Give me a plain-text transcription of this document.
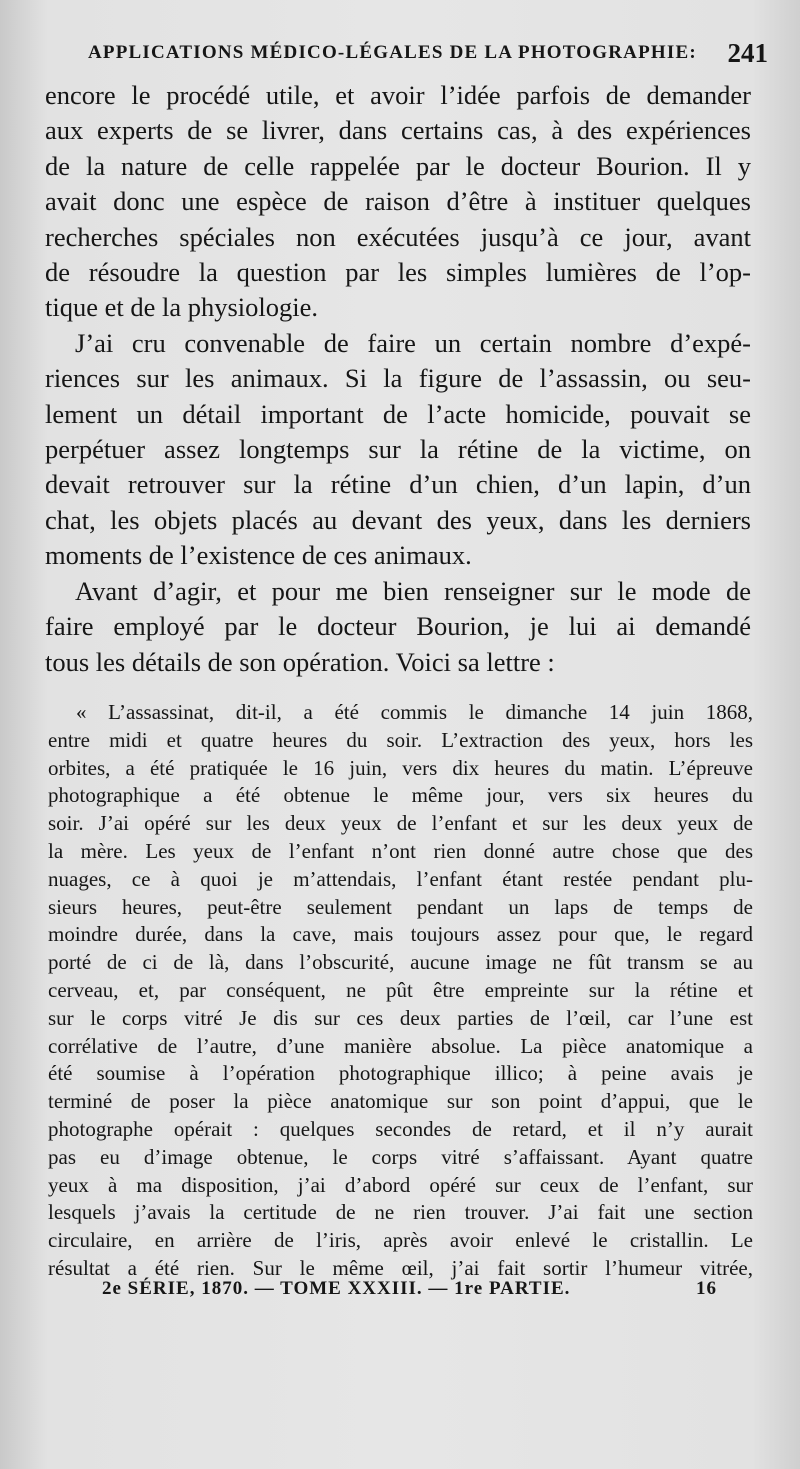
APPLICATIONS MÉDICO-LÉGALES DE LA PHOTOGRAPHIE: 241

encore le procédé utile, et avoir l’idée parfois de demander
aux experts de se livrer, dans certains cas, à des expériences
de la nature de celle rappelée par le docteur Bourion. Il y
avait donc une espèce de raison d’être à instituer quelques
recherches spéciales non exécutées jusqu’à ce jour, avant
de résoudre la question par les simples lumières de l’op-
tique et de la physiologie.

J’ai cru convenable de faire un certain nombre d’expé-
riences sur les animaux. Si la figure de l’assassin, ou seu-
lement un détail important de l’acte homicide, pouvait se
perpétuer assez longtemps sur la rétine de la victime, on
devait retrouver sur la rétine d’un chien, d’un lapin, d’un
chat, les objets placés au devant des yeux, dans les derniers
moments de l’existence de ces animaux.

Avant d’agir, et pour me bien renseigner sur le mode de
faire employé par le docteur Bourion, je lui ai demandé
tous les détails de son opération. Voici sa lettre :

« L’assassinat, dit-il, a été commis le dimanche 14 juin 1868,
entre midi et quatre heures du soir. L’extraction des yeux, hors les
orbites, a été pratiquée le 16 juin, vers dix heures du matin. L’épreuve
photographique a été obtenue le même jour, vers six heures du
soir. J’ai opéré sur les deux yeux de l’enfant et sur les deux yeux de
la mère. Les yeux de l’enfant n’ont rien donné autre chose que des
nuages, ce à quoi je m’attendais, l’enfant étant restée pendant plu-
sieurs heures, peut-être seulement pendant un laps de temps de
moindre durée, dans la cave, mais toujours assez pour que, le regard
porté de ci de là, dans l’obscurité, aucune image ne fût transm se au
cerveau, et, par conséquent, ne pût être empreinte sur la rétine et
sur le corps vitré Je dis sur ces deux parties de l’œil, car l’une est
corrélative de l’autre, d’une manière absolue. La pièce anatomique a
été soumise à l’opération photographique illico; à peine avais je
terminé de poser la pièce anatomique sur son point d’appui, que le
photographe opérait : quelques secondes de retard, et il n’y aurait
pas eu d’image obtenue, le corps vitré s’affaissant. Ayant quatre
yeux à ma disposition, j’ai d’abord opéré sur ceux de l’enfant, sur
lesquels j’avais la certitude de ne rien trouver. J’ai fait une section
circulaire, en arrière de l’iris, après avoir enlevé le cristallin. Le
résultat a été rien. Sur le même œil, j’ai fait sortir l’humeur vitrée,
2e SÉRIE, 1870. — TOME XXXIII. — 1re PARTIE.	16
